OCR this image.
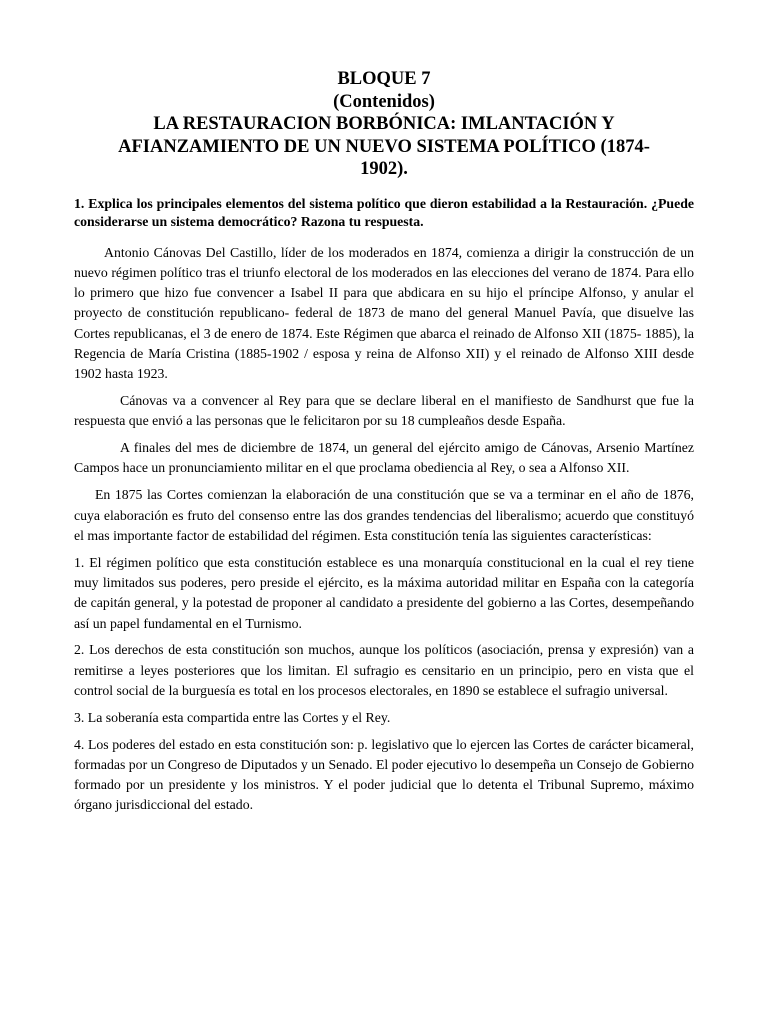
BLOQUE 7
(Contenidos)
LA RESTAURACION BORBÓNICA: IMLANTACIÓN Y
AFIANZAMIENTO DE UN NUEVO SISTEMA POLÍTICO (1874-
1902).

1. Explica los principales elementos del sistema político que dieron estabilidad a la Restauración. ¿Puede considerarse un sistema democrático? Razona tu respuesta.

Antonio Cánovas Del Castillo, líder de los moderados en 1874, comienza a dirigir la construcción de un nuevo régimen político tras el triunfo electoral de los moderados en las elecciones del verano de 1874. Para ello lo primero que hizo fue convencer a Isabel II para que abdicara en su hijo el príncipe Alfonso, y anular el proyecto de constitución republicano- federal de 1873 de mano del general Manuel Pavía, que disuelve las Cortes republicanas, el 3 de enero de 1874. Este Régimen que abarca el reinado de Alfonso XII (1875- 1885), la Regencia de María Cristina (1885-1902 / esposa y reina de Alfonso XII) y el reinado de Alfonso XIII desde 1902 hasta 1923.

Cánovas va a convencer al Rey para que se declare liberal en el manifiesto de Sandhurst que fue la respuesta que envió a las personas que le felicitaron por su 18 cumpleaños desde España.

A finales del mes de diciembre de 1874, un general del ejército amigo de Cánovas, Arsenio Martínez Campos hace un pronunciamiento militar en el que proclama obediencia al Rey, o sea a Alfonso XII.

En 1875 las Cortes comienzan la elaboración de una constitución que se va a terminar en el año de 1876, cuya elaboración es fruto del consenso entre las dos grandes tendencias del liberalismo; acuerdo que constituyó el mas importante factor de estabilidad del régimen. Esta constitución tenía las siguientes características:

1. El régimen político que esta constitución establece es una monarquía constitucional en la cual el rey tiene muy limitados sus poderes, pero preside el ejército, es la máxima autoridad militar en España con la categoría de capitán general, y la potestad de proponer al candidato a presidente del gobierno a las Cortes, desempeñando así un papel fundamental en el Turnismo.

2. Los derechos de esta constitución son muchos, aunque los políticos (asociación, prensa y expresión) van a remitirse a leyes posteriores que los limitan. El sufragio es censitario en un principio, pero en vista que el control social de la burguesía es total en los procesos electorales, en 1890 se establece el sufragio universal.

3. La soberanía esta compartida entre las Cortes y el Rey.

4. Los poderes del estado en esta constitución son: p. legislativo que lo ejercen las Cortes de carácter bicameral, formadas por un Congreso de Diputados y un Senado. El poder ejecutivo lo desempeña un Consejo de Gobierno formado por un presidente y los ministros. Y el poder judicial que lo detenta el Tribunal Supremo, máximo órgano jurisdiccional del estado.
